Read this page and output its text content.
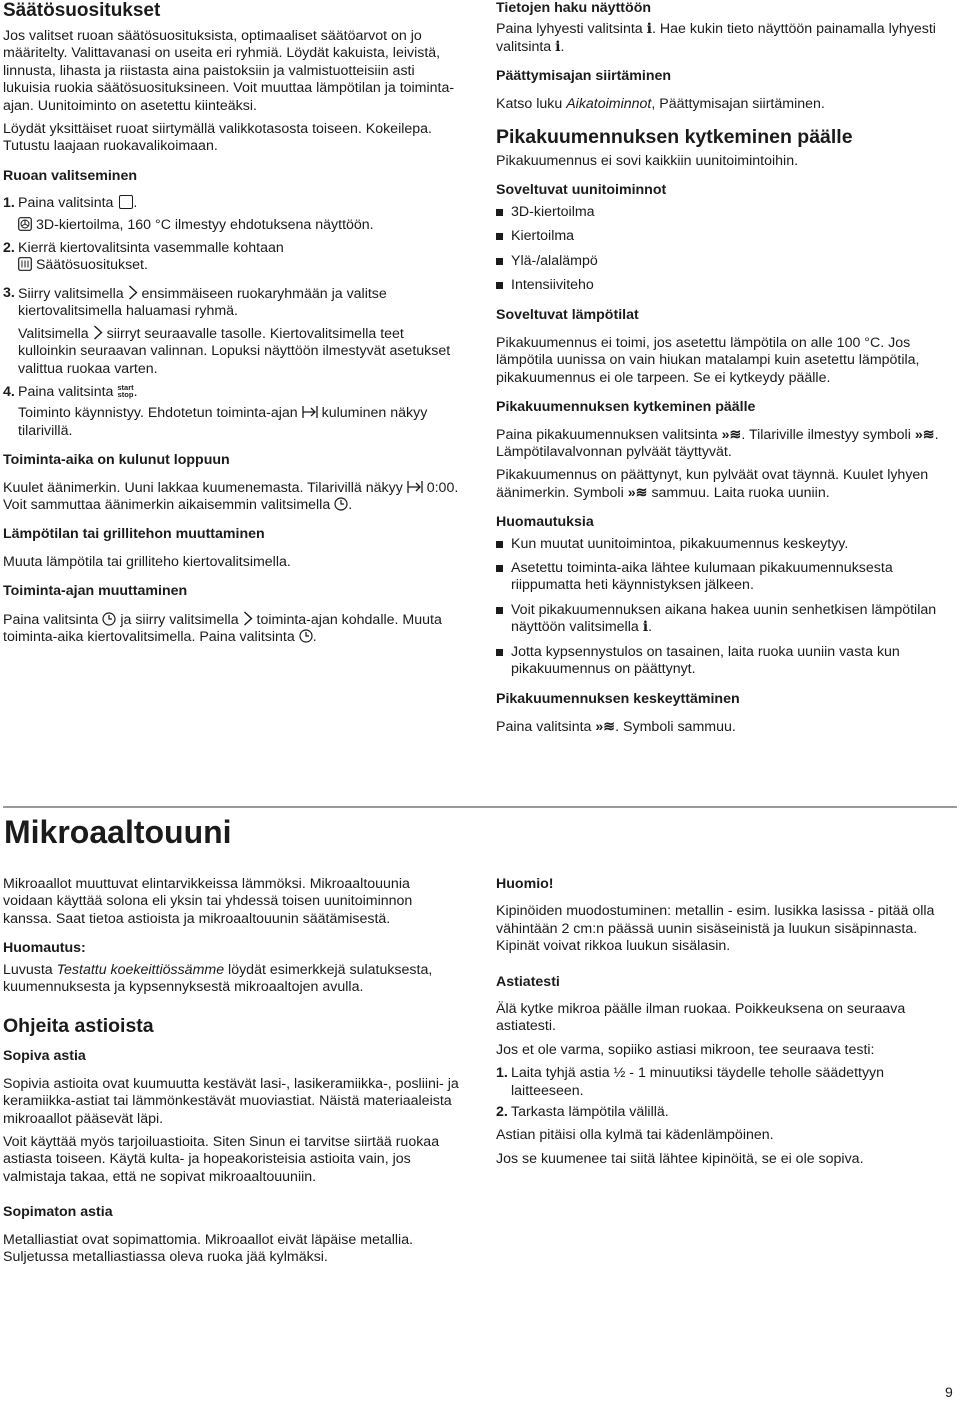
Säätösuositukset

Jos valitset ruoan säätösuosituksista, optimaaliset säätöarvot on jo määritelty. Valittavanasi on useita eri ryhmiä. Löydät kakuista, leivistä, linnusta, lihasta ja riistasta aina paistoksiin ja valmistuotteisiin asti lukuisia ruokia säätösuosituksineen. Voit muuttaa lämpötilan ja toiminta-ajan. Uunitoiminto on asetettu kiinteäksi.

Löydät yksittäiset ruoat siirtymällä valikkotasosta toiseen. Kokeilepa. Tutustu laajaan ruokavalikoimaan.

Ruoan valitseminen
1. Paina valitsinta .
3D-kiertoilma, 160 °C ilmestyy ehdotuksena näyttöön.
2. Kierrä kiertovalitsinta vasemmalle kohtaan
Säätösuositukset.
3. Siirry valitsimella ensimmäiseen ruokaryhmään ja valitse kiertovalitsimella haluamasi ryhmä.

Valitsimella siirryt seuraavalle tasolle. Kiertovalitsimella teet kulloinkin seuraavan valinnan. Lopuksi näyttöön ilmestyvät asetukset valittua ruokaa varten.

4. Paina valitsinta start
stop.

Toiminto käynnistyy. Ehdotetun toiminta-ajan kuluminen näkyy tilarivillä.

Toiminta-aika on kulunut loppuun

Kuulet äänimerkin. Uuni lakkaa kuumenemasta. Tilarivillä näkyy 0:00. Voit sammuttaa äänimerkin aikaisemmin valitsimella .

Lämpötilan tai grillitehon muuttaminen

Muuta lämpötila tai grilliteho kiertovalitsimella.

Toiminta-ajan muuttaminen

Paina valitsinta ja siirry valitsimella toiminta-ajan kohdalle. Muuta toiminta-aika kiertovalitsimella. Paina valitsinta .

Tietojen haku näyttöön

Paina lyhyesti valitsinta i. Hae kukin tieto näyttöön painamalla lyhyesti valitsinta i.

Päättymisajan siirtäminen

Katso luku Aikatoiminnot, Päättymisajan siirtäminen.

Pikakuumennuksen kytkeminen päälle

Pikakuumennus ei sovi kaikkiin uunitoimintoihin.

Soveltuvat uunitoiminnot
3D-kiertoilma
Kiertoilma
Ylä-/alalämpö
Intensiiviteho
Soveltuvat lämpötilat

Pikakuumennus ei toimi, jos asetettu lämpötila on alle 100 °C. Jos lämpötila uunissa on vain hiukan matalampi kuin asetettu lämpötila, pikakuumennus ei ole tarpeen. Se ei kytkeydy päälle.

Pikakuumennuksen kytkeminen päälle

Paina pikakuumennuksen valitsinta »≋. Tilariville ilmestyy symboli »≋. Lämpötilavalvonnan pylväät täyttyvät.

Pikakuumennus on päättynyt, kun pylväät ovat täynnä. Kuulet lyhyen äänimerkin. Symboli »≋ sammuu. Laita ruoka uuniin.

Huomautuksia
Kun muutat uunitoimintoa, pikakuumennus keskeytyy.
Asetettu toiminta-aika lähtee kulumaan pikakuumennuksesta riippumatta heti käynnistyksen jälkeen.
Voit pikakuumennuksen aikana hakea uunin senhetkisen lämpötilan näyttöön valitsimella i.
Jotta kypsennystulos on tasainen, laita ruoka uuniin vasta kun pikakuumennus on päättynyt.
Pikakuumennuksen keskeyttäminen

Paina valitsinta »≋. Symboli sammuu.

Mikroaaltouuni

Mikroaallot muuttuvat elintarvikkeissa lämmöksi. Mikroaaltouunia voidaan käyttää solona eli yksin tai yhdessä toisen uunitoiminnon kanssa. Saat tietoa astioista ja mikroaaltouunin säätämisestä.

Huomautus:

Luvusta Testattu koekeittiössämme löydät esimerkkejä sulatuksesta, kuumennuksesta ja kypsennyksestä mikroaaltojen avulla.

Ohjeita astioista
Sopiva astia

Sopivia astioita ovat kuumuutta kestävät lasi-, lasikeramiikka-, posliini- ja keramiikka-astiat tai lämmönkestävät muoviastiat. Näistä materiaaleista mikroaallot pääsevät läpi.

Voit käyttää myös tarjoiluastioita. Siten Sinun ei tarvitse siirtää ruokaa astiasta toiseen. Käytä kulta- ja hopeakoristeisia astioita vain, jos valmistaja takaa, että ne sopivat mikroaaltouuniin.

Sopimaton astia

Metalliastiat ovat sopimattomia. Mikroaallot eivät läpäise metallia. Suljetussa metalliastiassa oleva ruoka jää kylmäksi.

Huomio!

Kipinöiden muodostuminen: metallin - esim. lusikka lasissa - pitää olla vähintään 2 cm:n päässä uunin sisäseinistä ja luukun sisäpinnasta. Kipinät voivat rikkoa luukun sisälasin.

Astiatesti

Älä kytke mikroa päälle ilman ruokaa. Poikkeuksena on seuraava astiatesti.

Jos et ole varma, sopiiko astiasi mikroon, tee seuraava testi:

1. Laita tyhjä astia ½ - 1 minuutiksi täydelle teholle säädettyyn laitteeseen.
2. Tarkasta lämpötila välillä.

Astian pitäisi olla kylmä tai kädenlämpöinen.

Jos se kuumenee tai siitä lähtee kipinöitä, se ei ole sopiva.

9
